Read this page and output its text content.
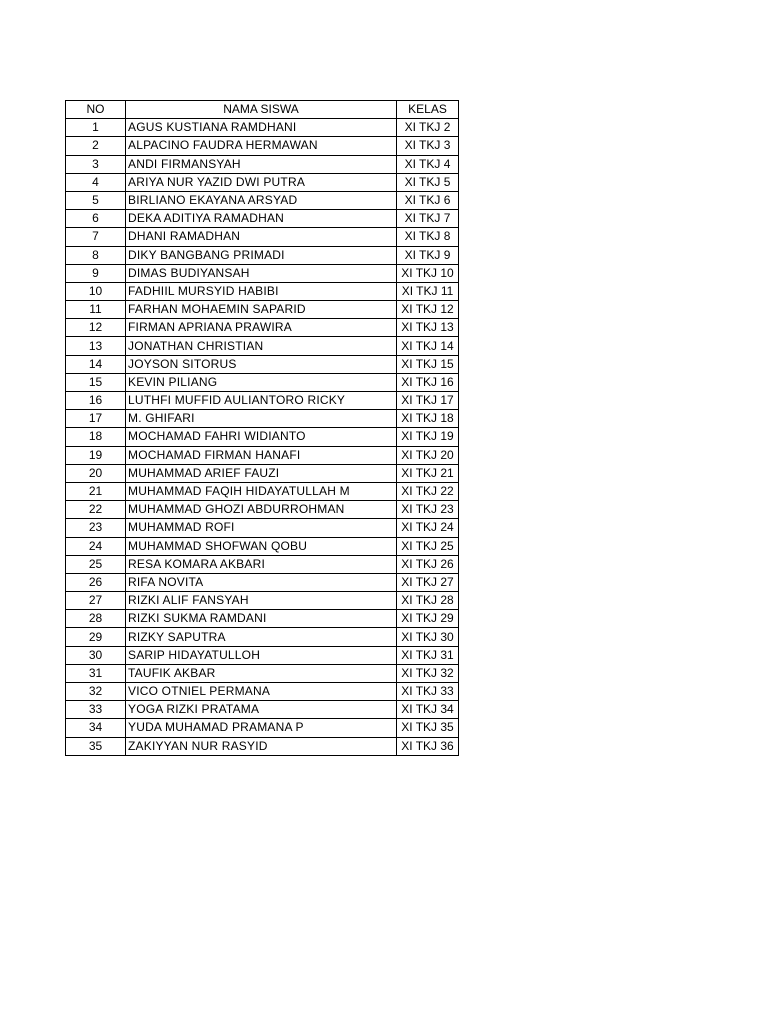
NO	NAMA SISWA	KELAS
1	AGUS KUSTIANA RAMDHANI	XI TKJ 2
2	ALPACINO FAUDRA HERMAWAN	XI TKJ 3
3	ANDI FIRMANSYAH	XI TKJ 4
4	ARIYA NUR YAZID DWI PUTRA	XI TKJ 5
5	BIRLIANO EKAYANA ARSYAD	XI TKJ 6
6	DEKA ADITIYA RAMADHAN	XI TKJ 7
7	DHANI RAMADHAN	XI TKJ 8
8	DIKY BANGBANG PRIMADI	XI TKJ 9
9	DIMAS BUDIYANSAH	XI TKJ 10
10	FADHIIL MURSYID HABIBI	XI TKJ 11
11	FARHAN MOHAEMIN SAPARID	XI TKJ 12
12	FIRMAN APRIANA PRAWIRA	XI TKJ 13
13	JONATHAN CHRISTIAN	XI TKJ 14
14	JOYSON SITORUS	XI TKJ 15
15	KEVIN PILIANG	XI TKJ 16
16	LUTHFI MUFFID AULIANTORO RICKY	XI TKJ 17
17	M. GHIFARI	XI TKJ 18
18	MOCHAMAD FAHRI WIDIANTO	XI TKJ 19
19	MOCHAMAD FIRMAN HANAFI	XI TKJ 20
20	MUHAMMAD ARIEF FAUZI	XI TKJ 21
21	MUHAMMAD FAQIH HIDAYATULLAH M	XI TKJ 22
22	MUHAMMAD GHOZI ABDURROHMAN	XI TKJ 23
23	MUHAMMAD ROFI	XI TKJ 24
24	MUHAMMAD SHOFWAN QOBU	XI TKJ 25
25	RESA KOMARA AKBARI	XI TKJ 26
26	RIFA NOVITA	XI TKJ 27
27	RIZKI ALIF FANSYAH	XI TKJ 28
28	RIZKI SUKMA RAMDANI	XI TKJ 29
29	RIZKY SAPUTRA	XI TKJ 30
30	SARIP HIDAYATULLOH	XI TKJ 31
31	TAUFIK AKBAR	XI TKJ 32
32	VICO OTNIEL PERMANA	XI TKJ 33
33	YOGA RIZKI PRATAMA	XI TKJ 34
34	YUDA MUHAMAD PRAMANA P	XI TKJ 35
35	ZAKIYYAN NUR RASYID	XI TKJ 36
